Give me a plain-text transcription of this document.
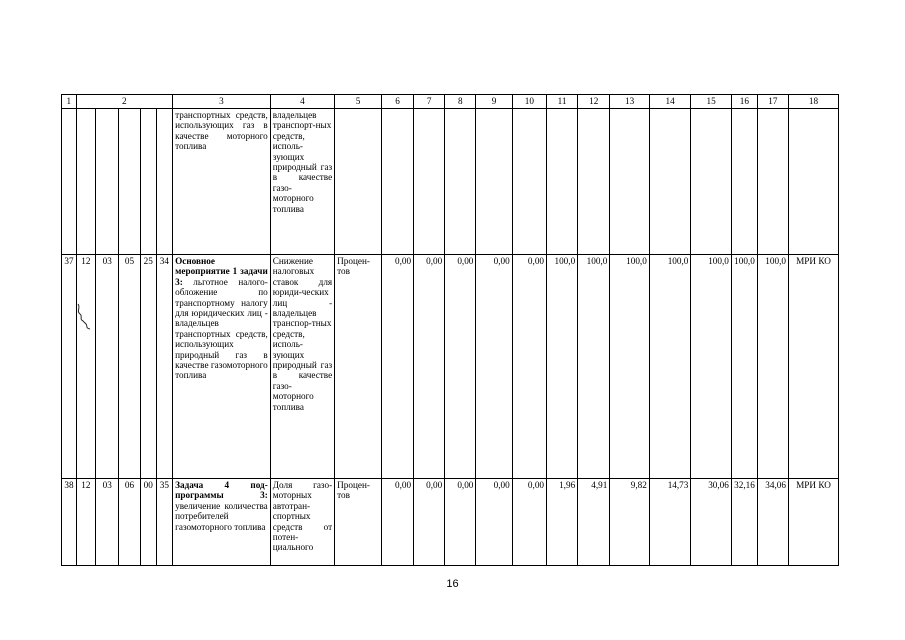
1	2					3	4	5	6	7	8	9	10	11	12	13	14	15	16	17	18
						транспортных средств, использующих газ в качестве моторного топлива	владельцев транспорт-ных средств, исполь-зующих природный газ в качестве газо-моторного топлива														
37	12	03	05	25	34	Основное мероприятие 1 задачи 3: льготное налого-обложение по транспортному налогу для юридических лиц - владельцев транспортных средств, использующих природный газ в качестве газомоторного топлива	Снижение налоговых ставок для юриди-ческих лиц - владельцев транспор-тных средств, исполь-зующих природный газ в качестве газо-моторного топлива	Процен-тов	0,00	0,00	0,00	0,00	0,00	100,0	100,0	100,0	100,0	100,0	100,0	100,0	МРИ КО
38	12	03	06	00	35	Задача 4 под-программы 3: увеличение количества потребителей газомоторного топлива	Доля газо-моторных автотран-спортных средств от потен-циального	Процен-тов	0,00	0,00	0,00	0,00	0,00	1,96	4,91	9,82	14,73	30,06	32,16	34,06	МРИ КО
16
